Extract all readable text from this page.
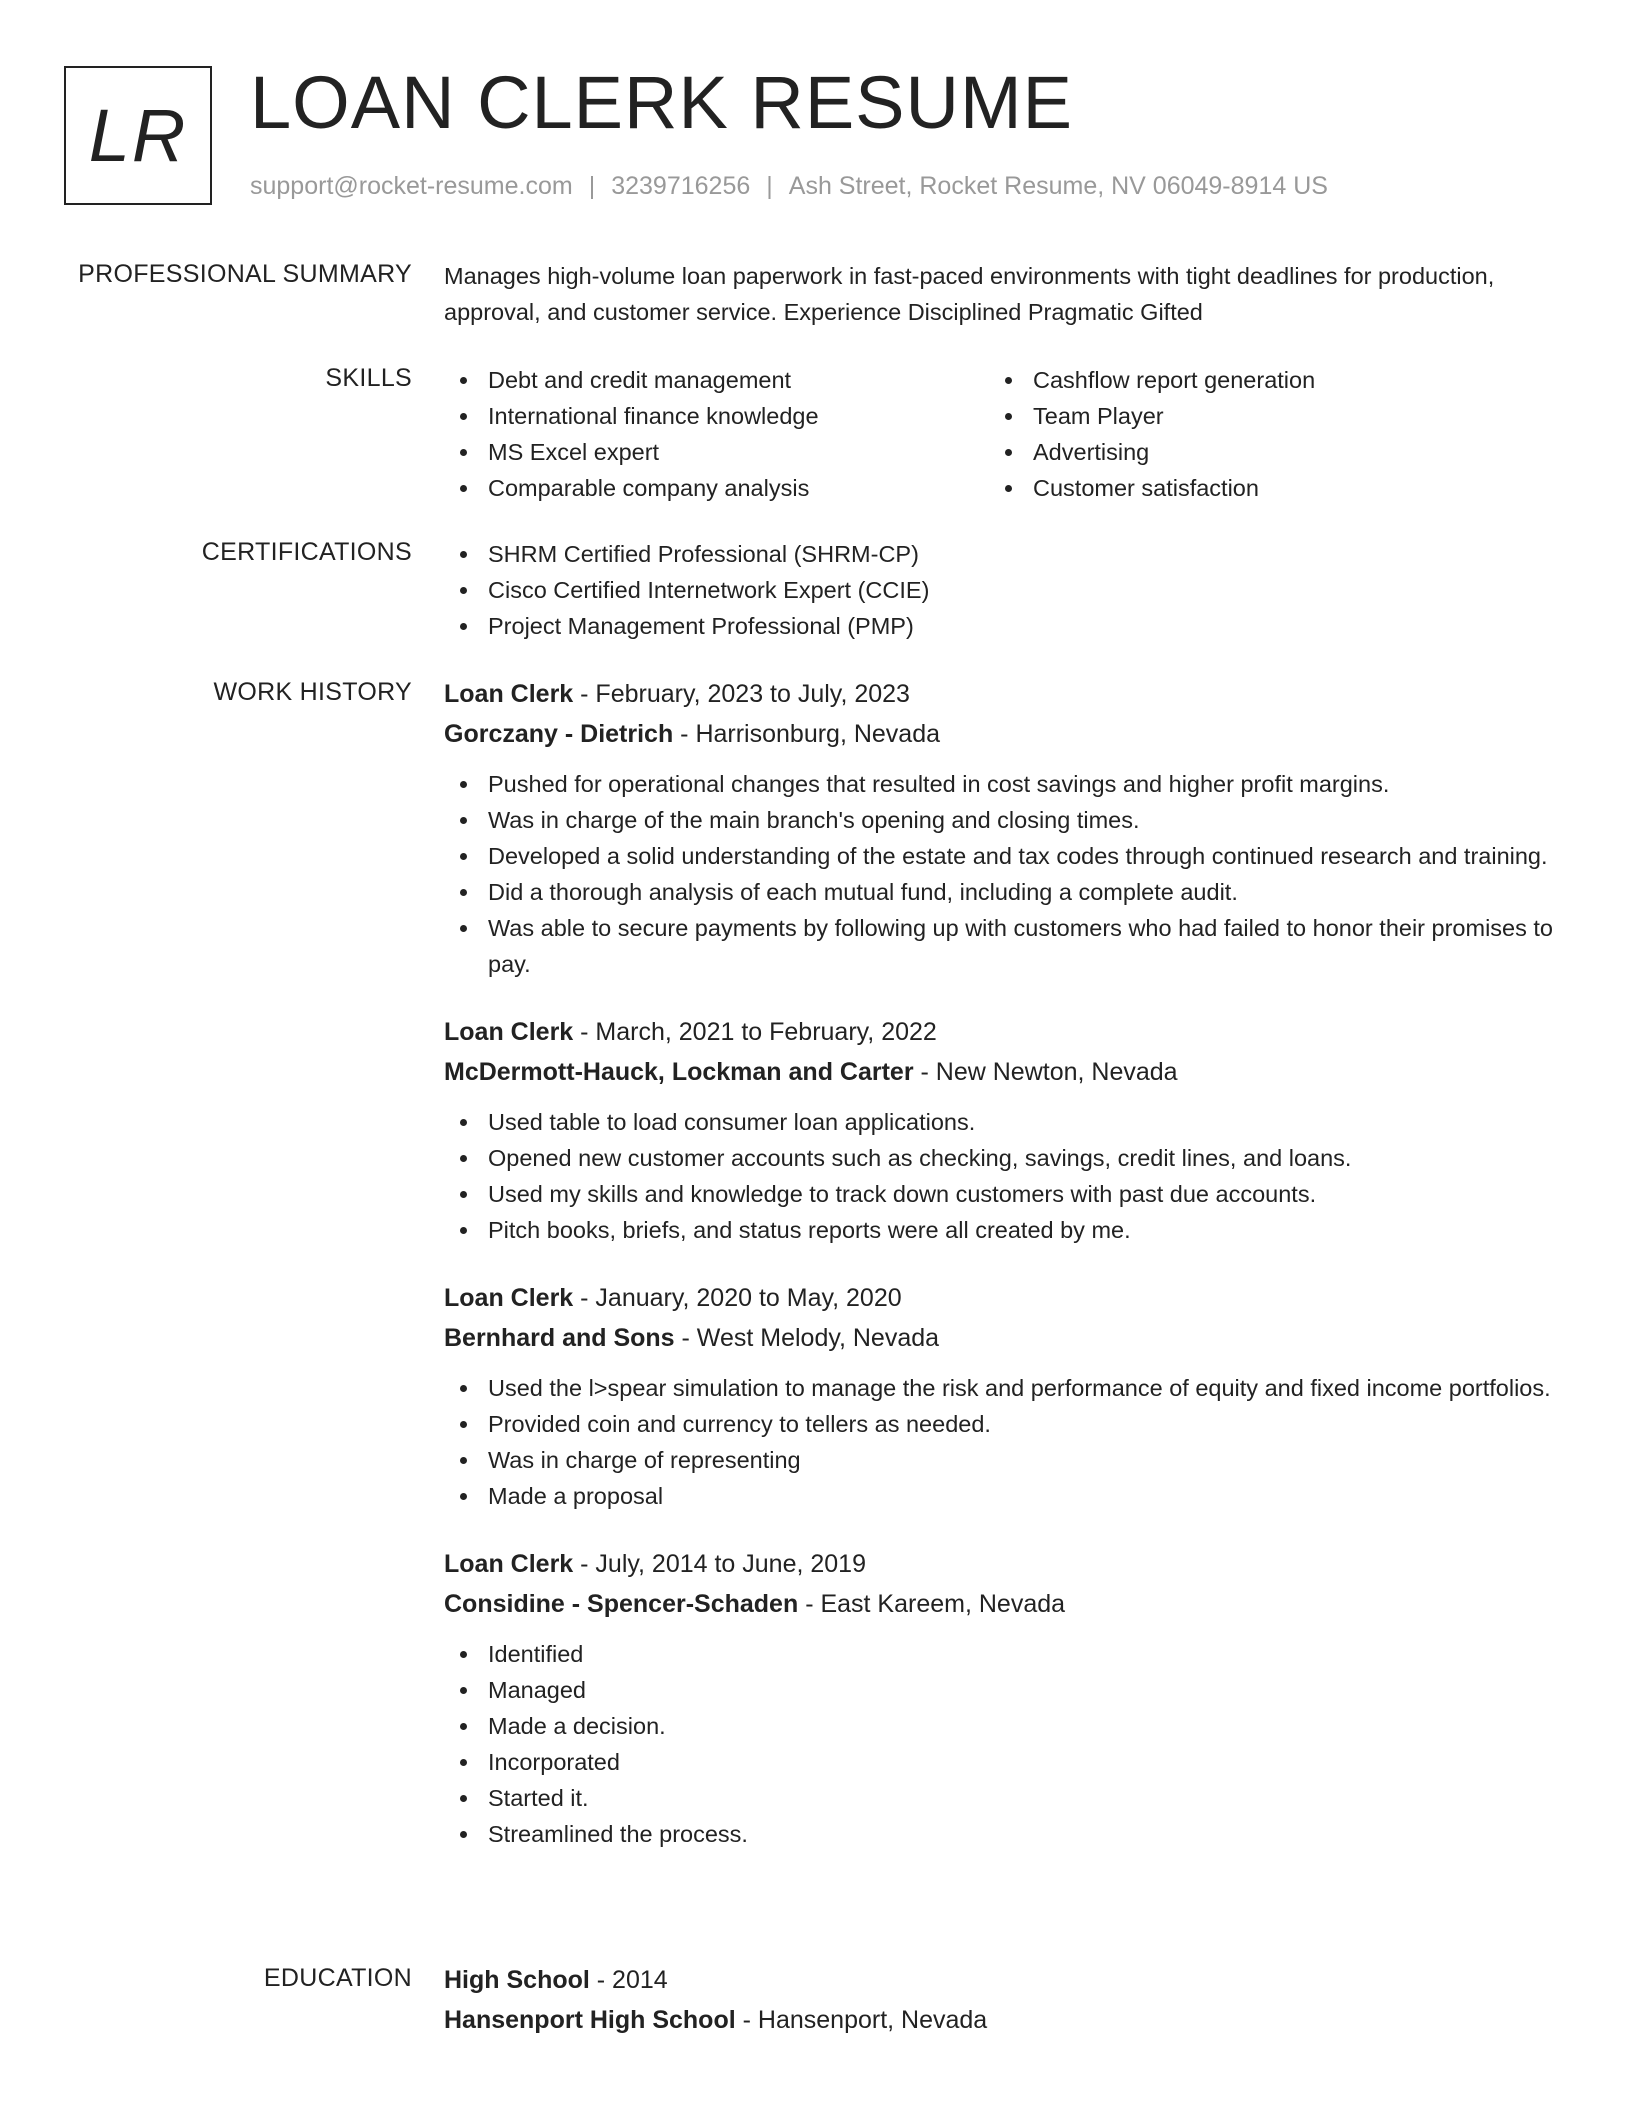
LR LOAN CLERK RESUME
support@rocket-resume.com | 3239716256 | Ash Street, Rocket Resume, NV 06049-8914 US
PROFESSIONAL SUMMARY Manages high-volume loan paperwork in fast-paced environments with tight deadlines for production, approval, and customer service. Experience Disciplined Pragmatic Gifted

SKILLS	Debt and credit management
International finance knowledge
MS Excel expert
Comparable company analysis
Cashflow report generation
Team Player
Advertising
Customer satisfaction
CERTIFICATIONS	SHRM Certified Professional (SHRM-CP)
Cisco Certified Internetwork Expert (CCIE)
Project Management Professional (PMP)
WORK HISTORY Loan Clerk - February, 2023 to July, 2023
Gorczany - Dietrich - Harrisonburg, Nevada
Pushed for operational changes that resulted in cost savings and higher profit margins.
Was in charge of the main branch's opening and closing times.
Developed a solid understanding of the estate and tax codes through continued research and training.
Did a thorough analysis of each mutual fund, including a complete audit.
Was able to secure payments by following up with customers who had failed to honor their promises to pay.
Loan Clerk - March, 2021 to February, 2022
McDermott-Hauck, Lockman and Carter - New Newton, Nevada
Used table to load consumer loan applications.
Opened new customer accounts such as checking, savings, credit lines, and loans.
Used my skills and knowledge to track down customers with past due accounts.
Pitch books, briefs, and status reports were all created by me.
Loan Clerk - January, 2020 to May, 2020
Bernhard and Sons - West Melody, Nevada
Used the l>spear simulation to manage the risk and performance of equity and fixed income portfolios.
Provided coin and currency to tellers as needed.
Was in charge of representing
Made a proposal
Loan Clerk - July, 2014 to June, 2019
Considine - Spencer-Schaden - East Kareem, Nevada
Identified
Managed
Made a decision.
Incorporated
Started it.
Streamlined the process.
EDUCATION High School - 2014
Hansenport High School - Hansenport, Nevada
